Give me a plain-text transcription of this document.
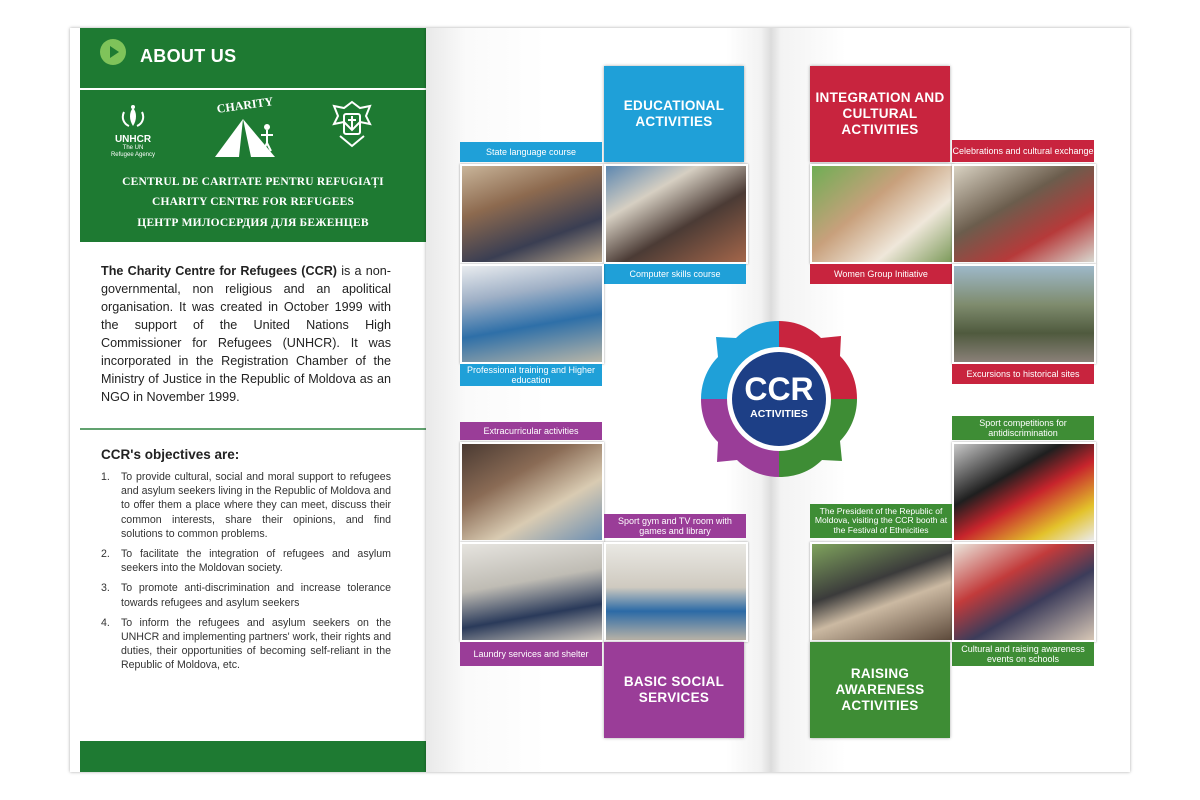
ABOUT US
UNHCR
The UN
Refugee Agency
CHARITY
CENTRUL DE CARITATE PENTRU REFUGIAȚI
CHARITY CENTRE FOR REFUGEES
ЦЕНТР МИЛОСЕРДИЯ ДЛЯ БЕЖЕНЦЕВ
The Charity Centre for Refugees (CCR) is a non-governmental, non religious and an apolitical organisation. It was created in October 1999 with the support of the United Nations High Commissioner for Refugees (UNHCR). It was incorporated in the Registration Chamber of the Ministry of Justice in the Republic of Moldova as an NGO in November 1999.
CCR's objectives are:
1. To provide cultural, social and moral support to refugees and asylum seekers living in the Republic of Moldova and to offer them a place where they can meet, discuss their common interests, share their opinions, and find solutions to common problems.
2. To facilitate the integration of refugees and asylum seekers into the Moldovan society.
3. To promote anti-discrimination and increase tolerance towards refugees and asylum seekers
4. To inform the refugees and asylum seekers on the UNHCR and implementing partners' work, their rights and duties, their opportunities of becoming self-reliant in the Republic of Moldova, etc.
EDUCATIONAL ACTIVITIES
State language course
Computer skills course
Professional training and Higher education
INTEGRATION AND CULTURAL ACTIVITIES
Celebrations and cultural exchange
Women Group Initiative
Excursions to historical sites
Extracurricular activities
Sport gym and TV room with games and library
Laundry services and shelter
BASIC SOCIAL SERVICES
Sport competitions for antidiscrimination
The President of the Republic of Moldova, visiting the CCR booth at the Festival of Ethnicities
Cultural and raising awareness events on schools
RAISING AWARENESS ACTIVITIES
CCR
ACTIVITIES
